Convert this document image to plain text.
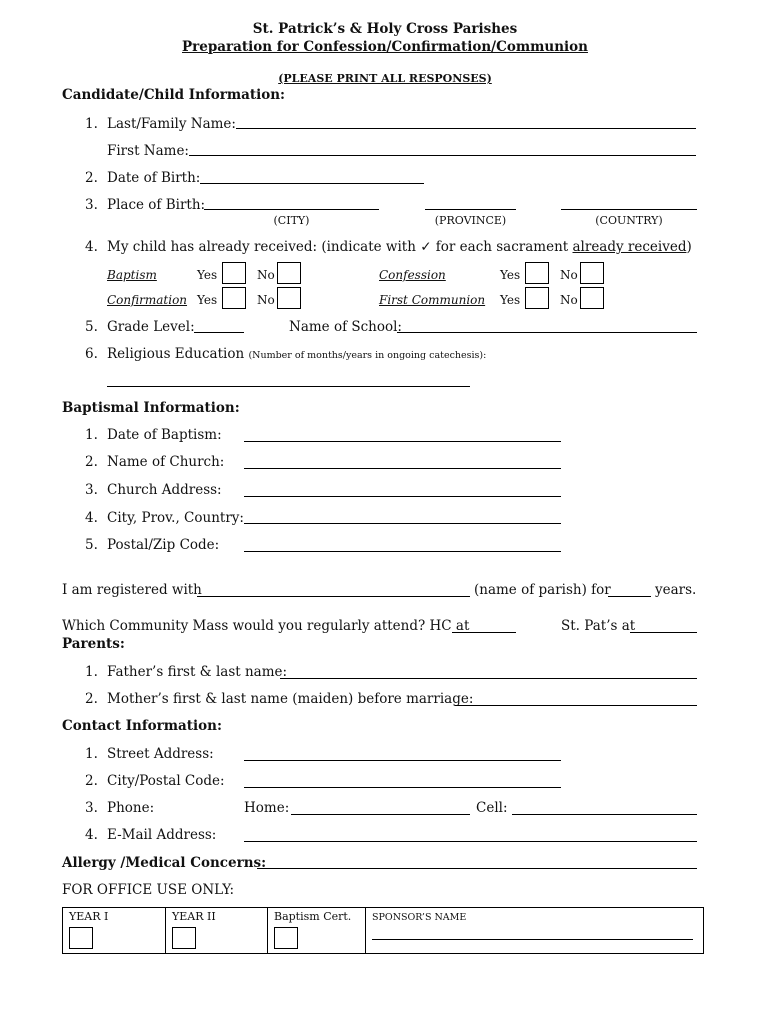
St. Patrick’s & Holy Cross Parishes
Preparation for Confession/Confirmation/Communion
(PLEASE PRINT ALL RESPONSES)
Candidate/Child Information:
1. Last/Family Name:
First Name:
2. Date of Birth:
3. Place of Birth:
(CITY)	(PROVINCE)	(COUNTRY)
4. My child has already received: (indicate with ✓ for each sacrament already received)
Baptism	Yes	No	Confession	Yes	No
Confirmation Yes	No	First Communion Yes	No
5. Grade Level:	Name of School:
6. Religious Education (Number of months/years in ongoing catechesis):
Baptismal Information:
1. Date of Baptism:
2. Name of Church:
3. Church Address:
4. City, Prov., Country:
5. Postal/Zip Code:
I am registered with	(name of parish) for	years.
Which Community Mass would you regularly attend? HC at	St. Pat’s at
Parents:
1. Father’s first & last name:
2. Mother’s first & last name (maiden) before marriage:
Contact Information:
1. Street Address:
2. City/Postal Code:
3. Phone:	Home:	Cell:
4. E-Mail Address:
Allergy /Medical Concerns:
FOR OFFICE USE ONLY:
YEAR I	YEAR II	Baptism Cert.	SPONSOR’S NAME
